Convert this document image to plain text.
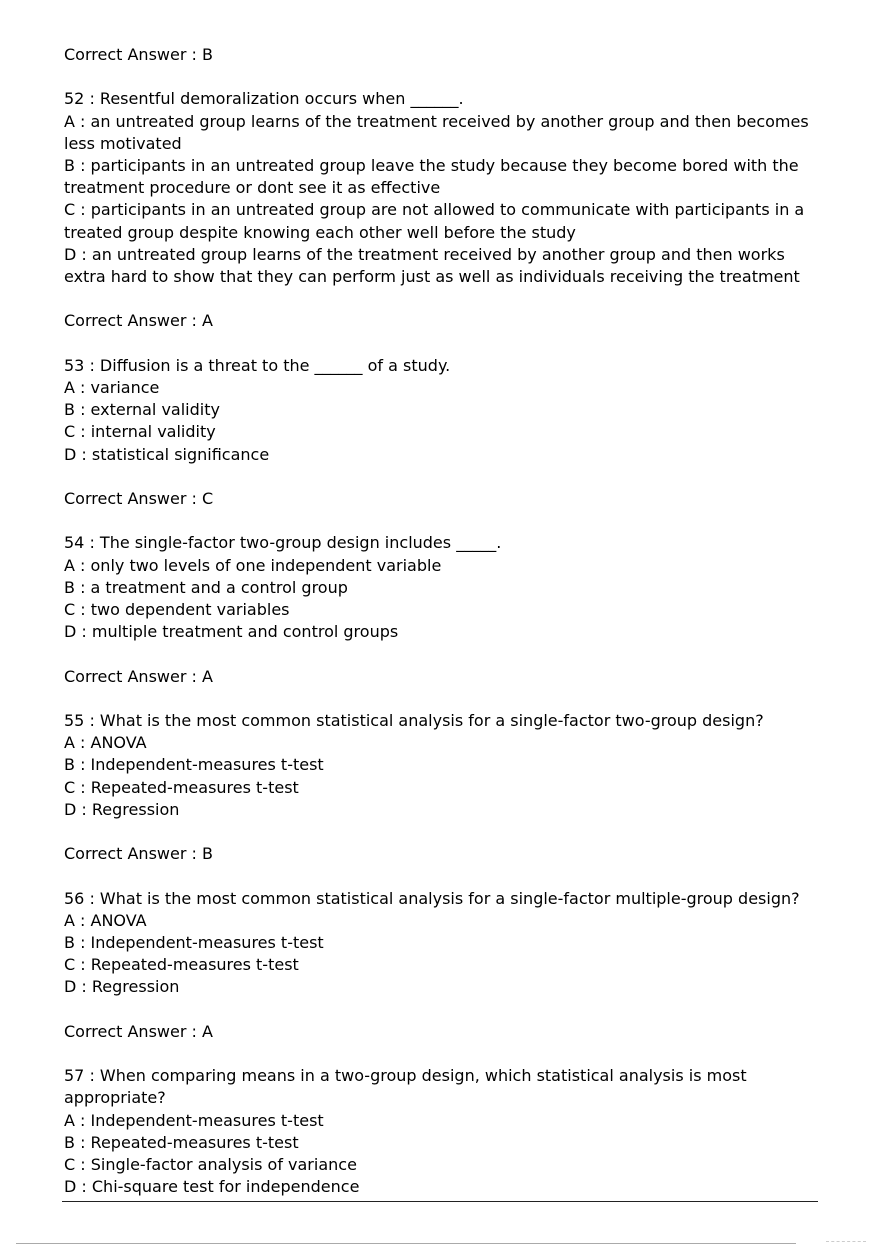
Correct Answer : B
52 : Resentful demoralization occurs when ______.
A : an untreated group learns of the treatment received by another group and then becomes less motivated
B : participants in an untreated group leave the study because they become bored with the treatment procedure or dont see it as effective
C : participants in an untreated group are not allowed to communicate with participants in a treated group despite knowing each other well before the study
D : an untreated group learns of the treatment received by another group and then works extra hard to show that they can perform just as well as individuals receiving the treatment
Correct Answer : A
53 : Diffusion is a threat to the ______ of a study.
A : variance
B : external validity
C : internal validity
D : statistical significance
Correct Answer : C
54 : The single-factor two-group design includes _____.
A : only two levels of one independent variable
B : a treatment and a control group
C : two dependent variables
D : multiple treatment and control groups
Correct Answer : A
55 : What is the most common statistical analysis for a single-factor two-group design?
A : ANOVA
B : Independent-measures t-test
C : Repeated-measures t-test
D : Regression
Correct Answer : B
56 : What is the most common statistical analysis for a single-factor multiple-group design?
A : ANOVA
B : Independent-measures t-test
C : Repeated-measures t-test
D : Regression
Correct Answer : A
57 : When comparing means in a two-group design, which statistical analysis is most appropriate?
A : Independent-measures t-test
B : Repeated-measures t-test
C : Single-factor analysis of variance
D : Chi-square test for independence
